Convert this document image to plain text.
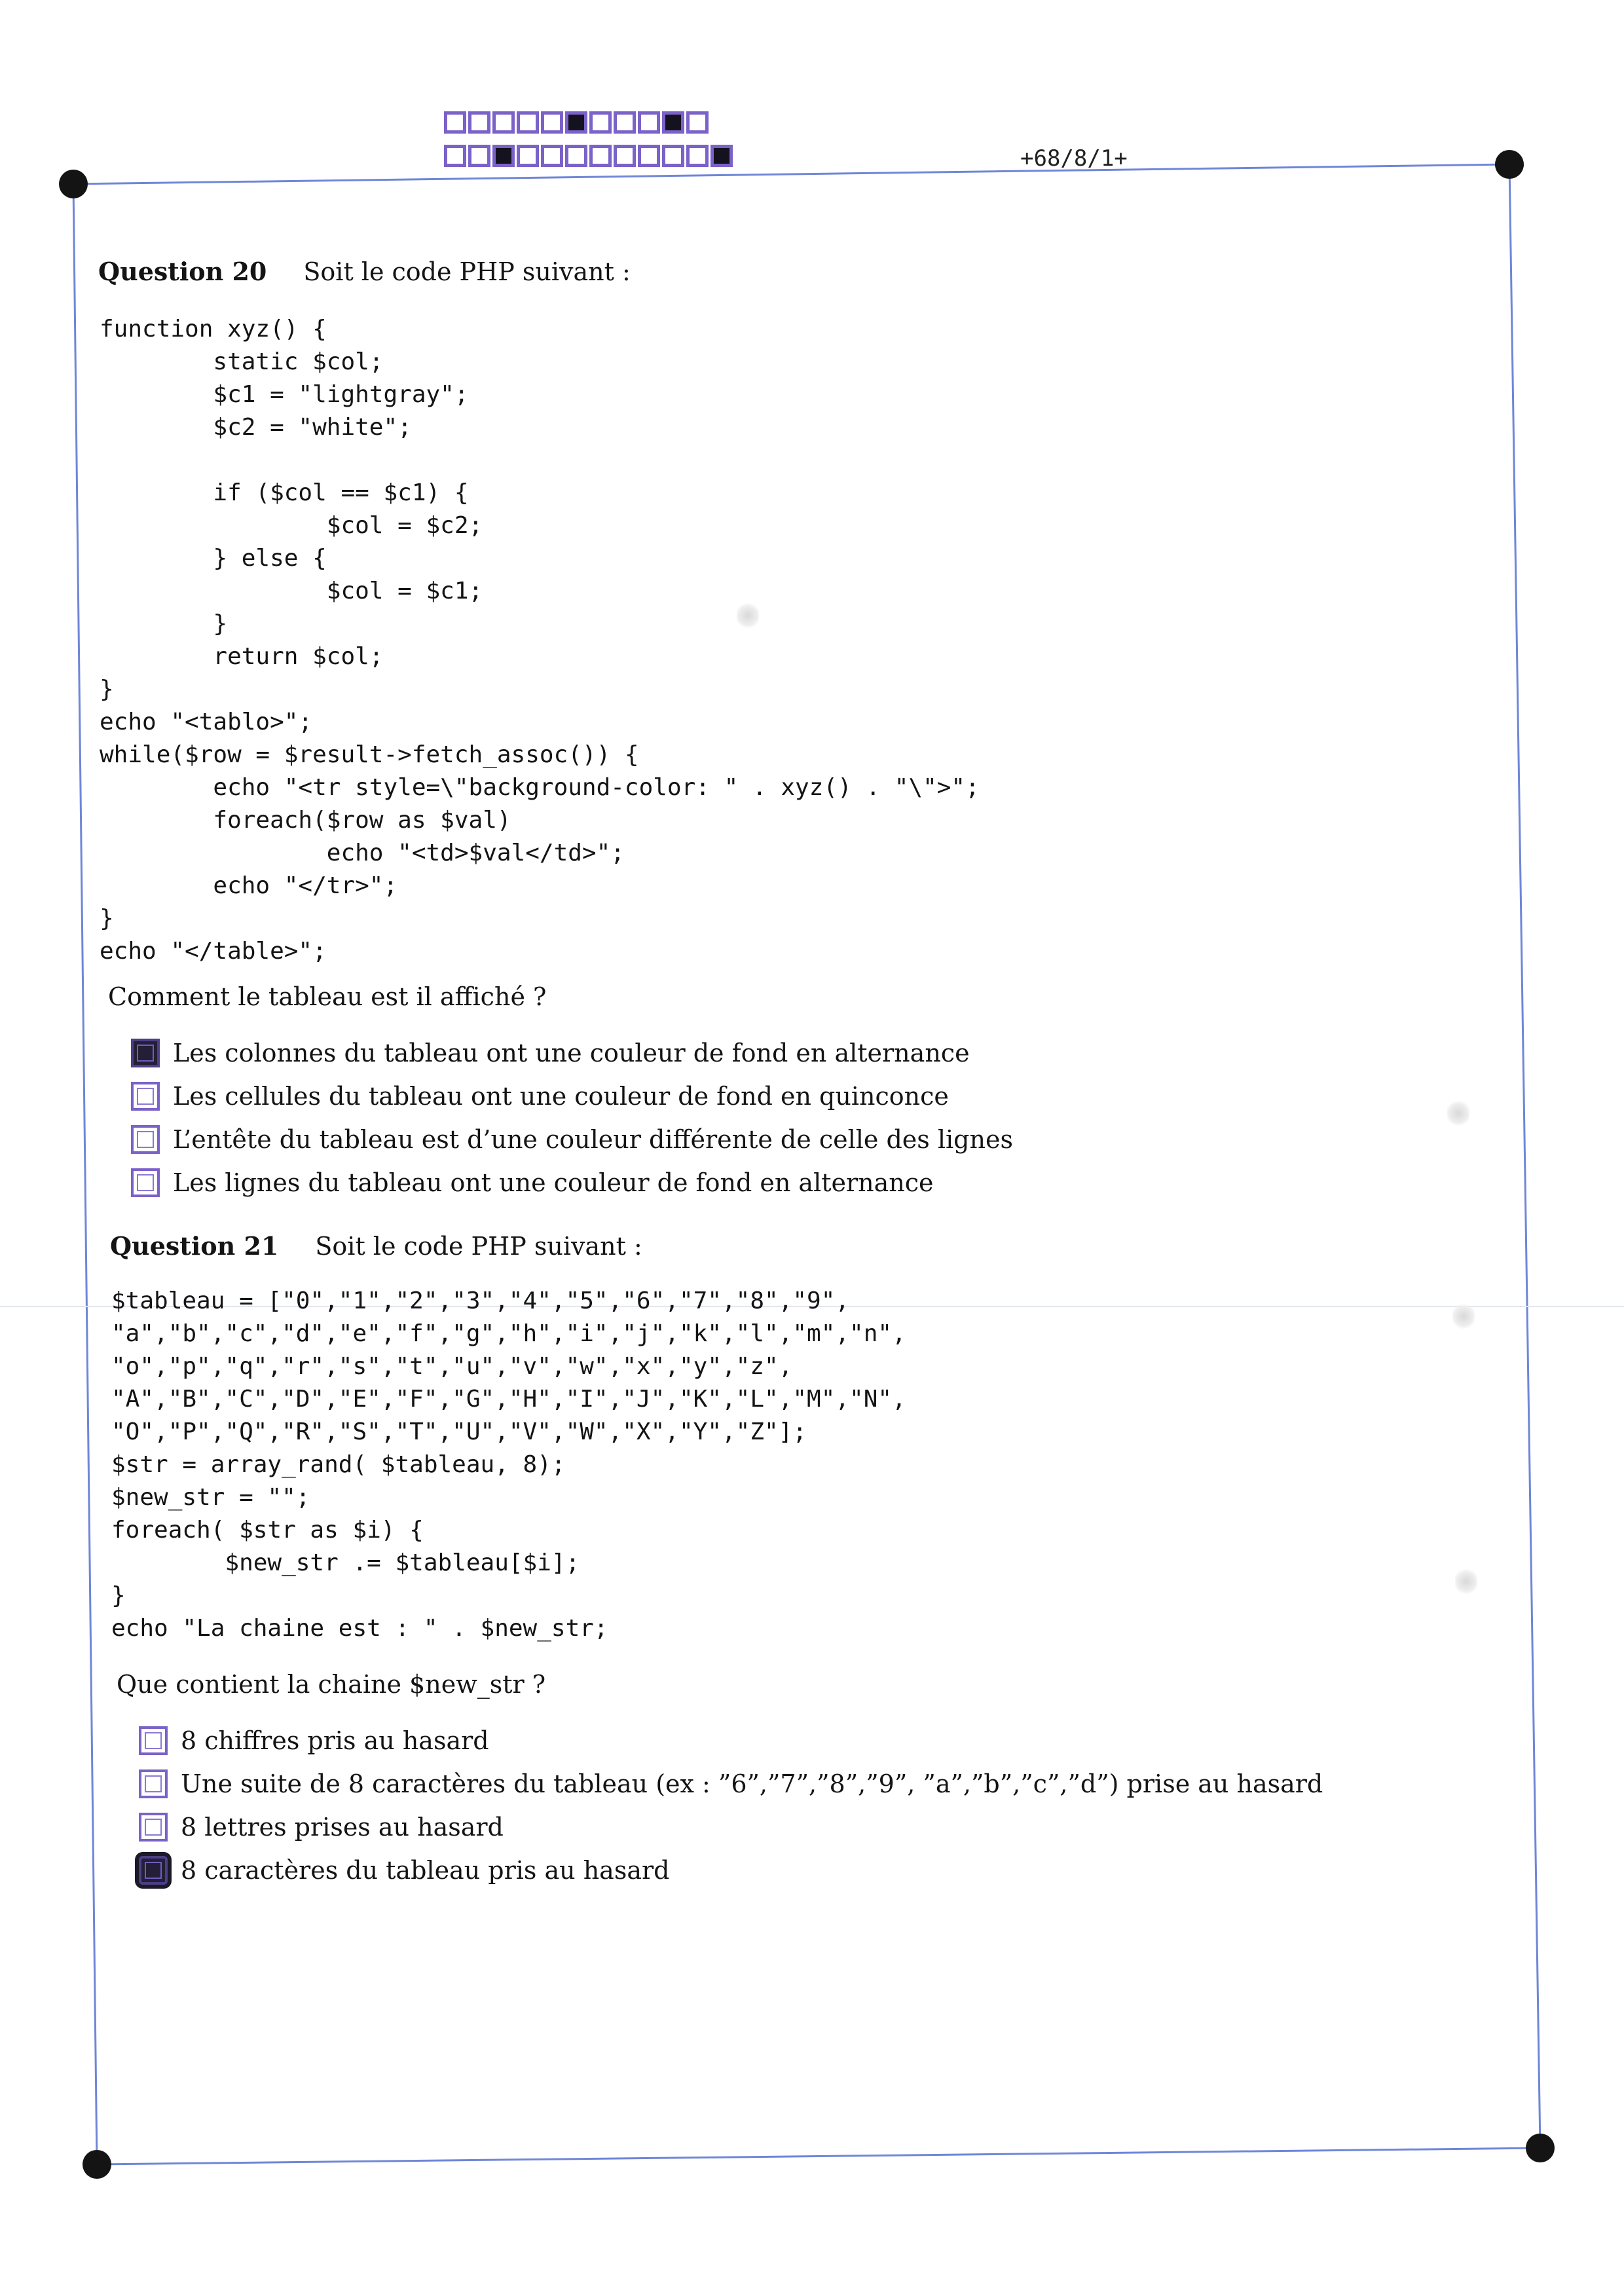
+68/8/1+
Question 20 Soit le code PHP suivant :
function xyz() {
static $col;
$c1 = "lightgray";
$c2 = "white";

if ($col == $c1) {
$col = $c2;
} else {
$col = $c1;
}
return $col;
}
echo "<tablo>";
while($row = $result->fetch_assoc()) {
echo "<tr style=\"background-color: " . xyz() . "\">";
foreach($row as $val)
echo "<td>$val</td>";
echo "</tr>";
}
echo "</table>";
Comment le tableau est il affiché ?
Les colonnes du tableau ont une couleur de fond en alternance
Les cellules du tableau ont une couleur de fond en quinconce
L’entête du tableau est d’une couleur différente de celle des lignes
Les lignes du tableau ont une couleur de fond en alternance
Question 21 Soit le code PHP suivant :
$tableau = ["0","1","2","3","4","5","6","7","8","9",
"a","b","c","d","e","f","g","h","i","j","k","l","m","n",
"o","p","q","r","s","t","u","v","w","x","y","z",
"A","B","C","D","E","F","G","H","I","J","K","L","M","N",
"O","P","Q","R","S","T","U","V","W","X","Y","Z"];
$str = array_rand( $tableau, 8);
$new_str = "";
foreach( $str as $i) {
$new_str .= $tableau[$i];
}
echo "La chaine est : " . $new_str;
Que contient la chaine $new_str ?
8 chiffres pris au hasard
Une suite de 8 caractères du tableau (ex : ”6”,”7”,”8”,”9”, ”a”,”b”,”c”,”d”) prise au hasard
8 lettres prises au hasard
8 caractères du tableau pris au hasard
